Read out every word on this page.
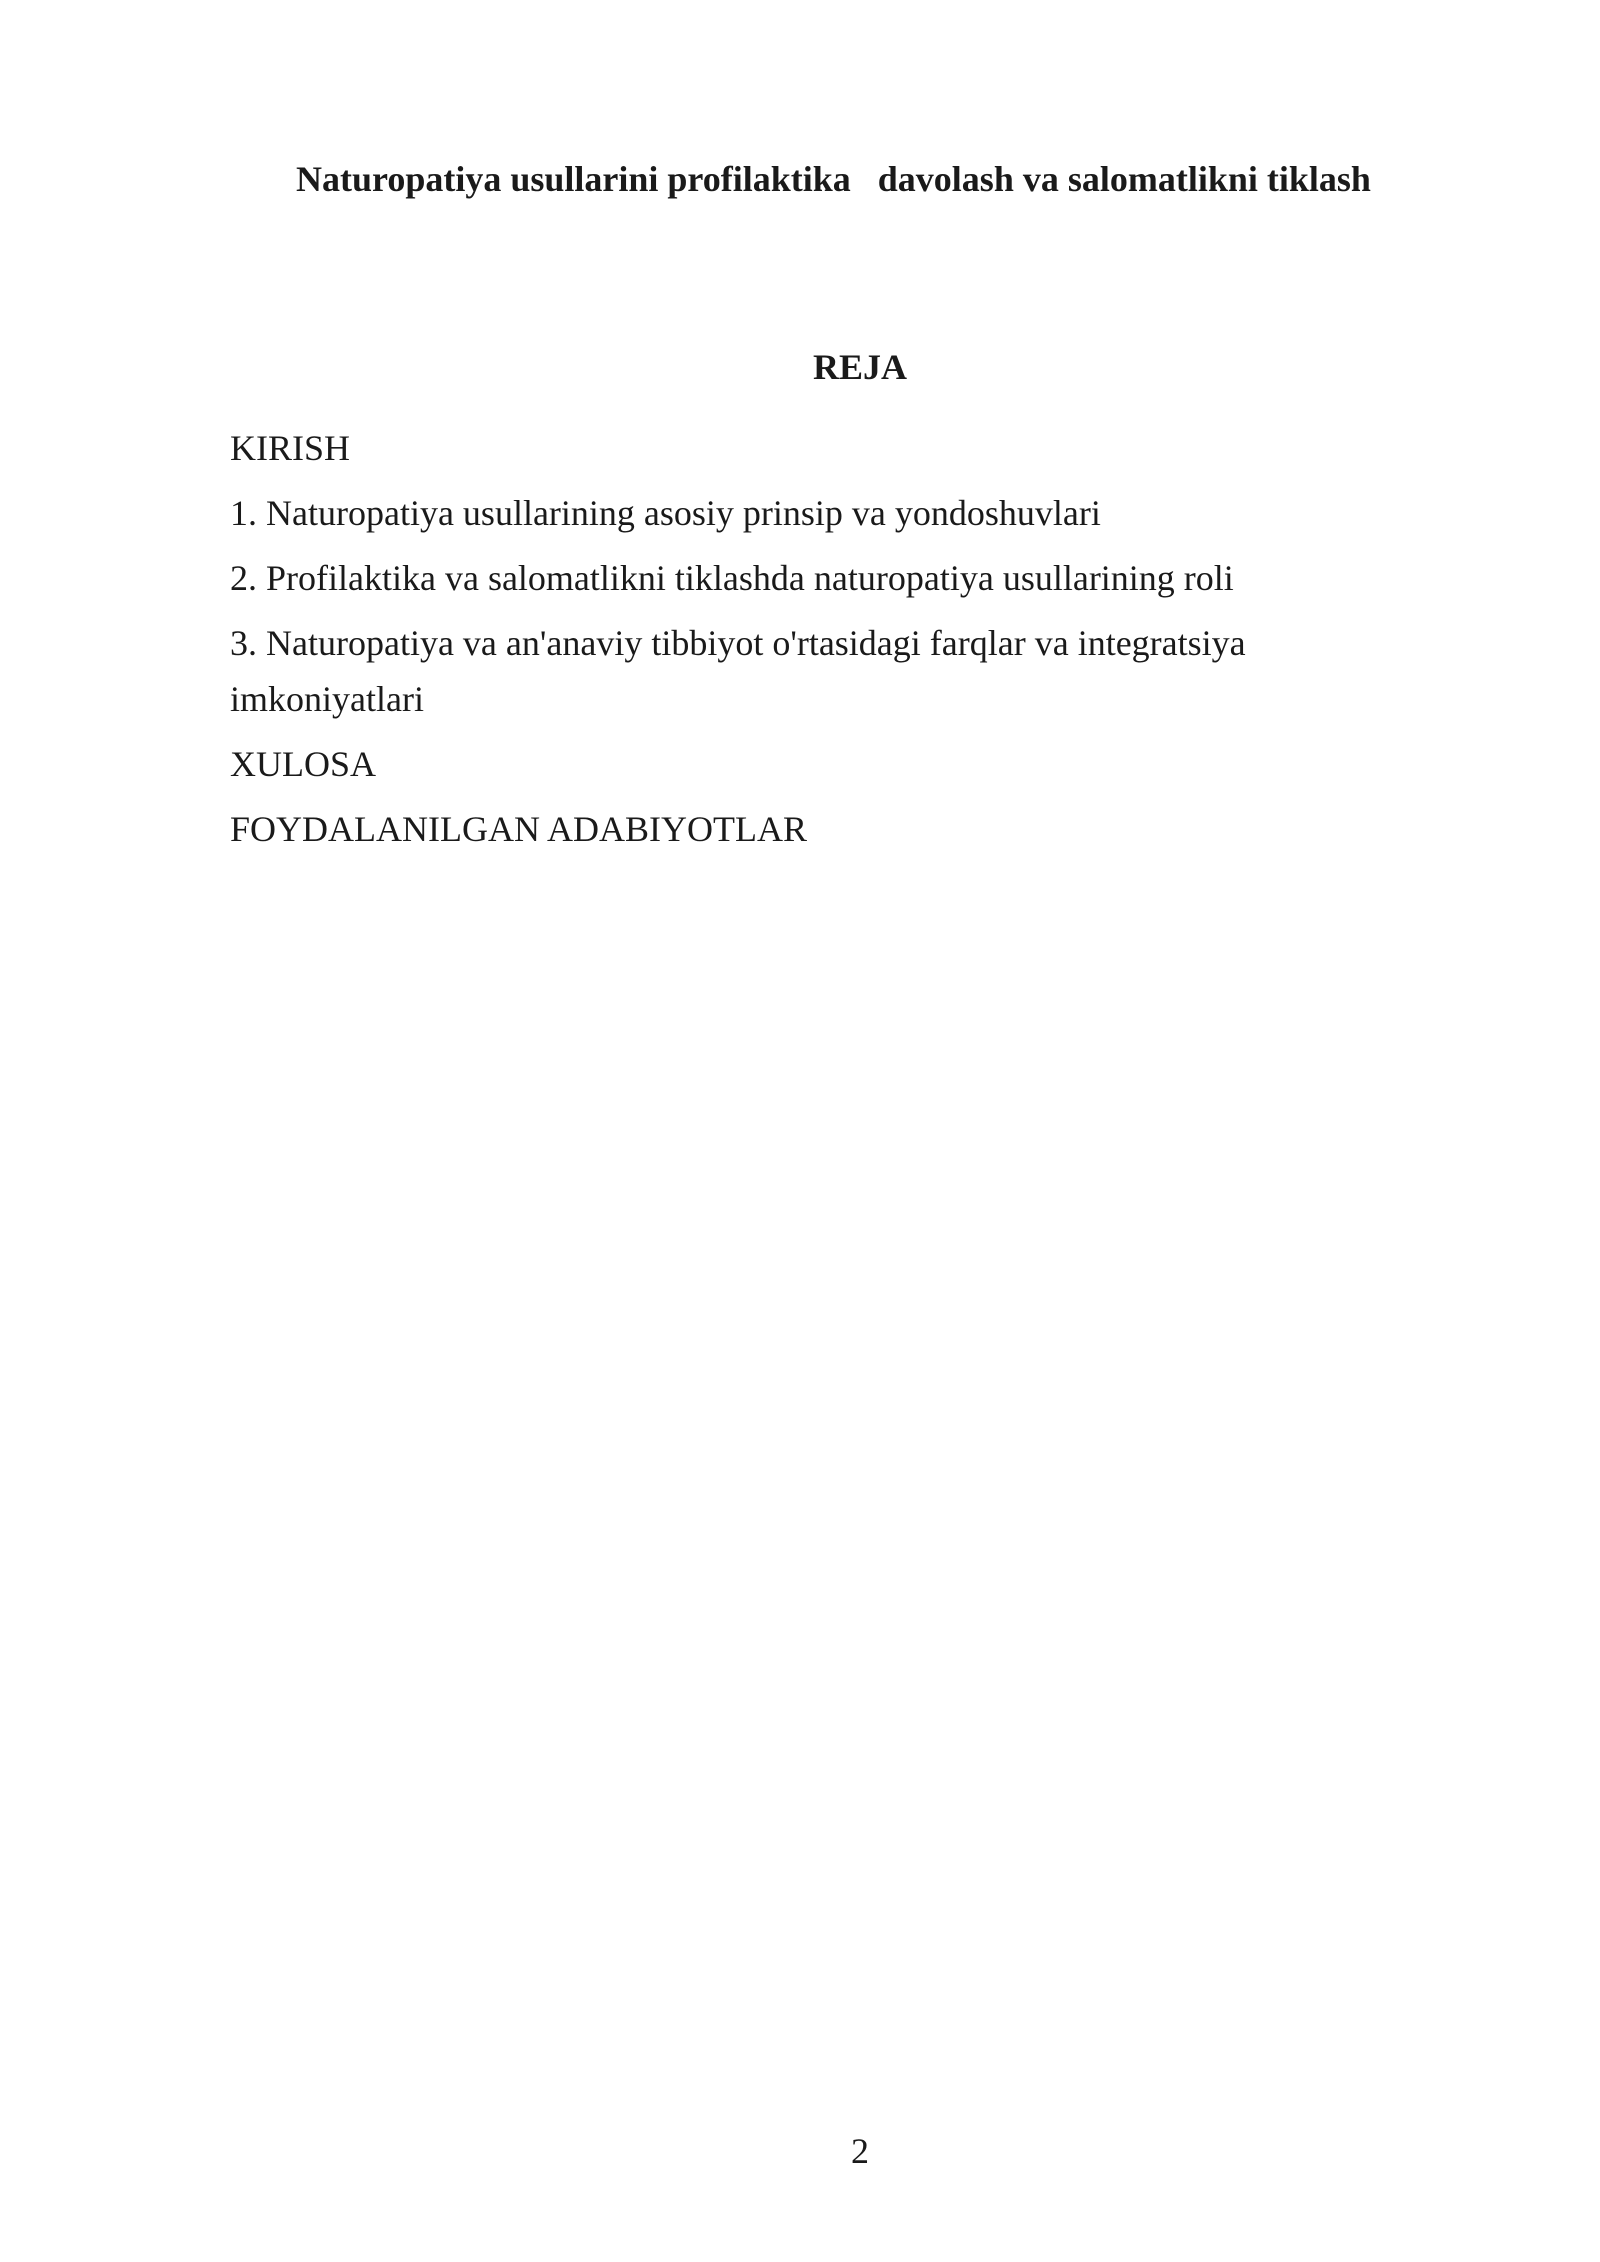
Naturopatiya usullarini profilaktika   davolash va salomatlikni tiklash
REJA
KIRISH
1. Naturopatiya usullarining asosiy prinsip va yondoshuvlari
2. Profilaktika va salomatlikni tiklashda naturopatiya usullarining roli
3. Naturopatiya va an'anaviy tibbiyot o'rtasidagi farqlar va integratsiya imkoniyatlari
XULOSA
FOYDALANILGAN ADABIYOTLAR
2
